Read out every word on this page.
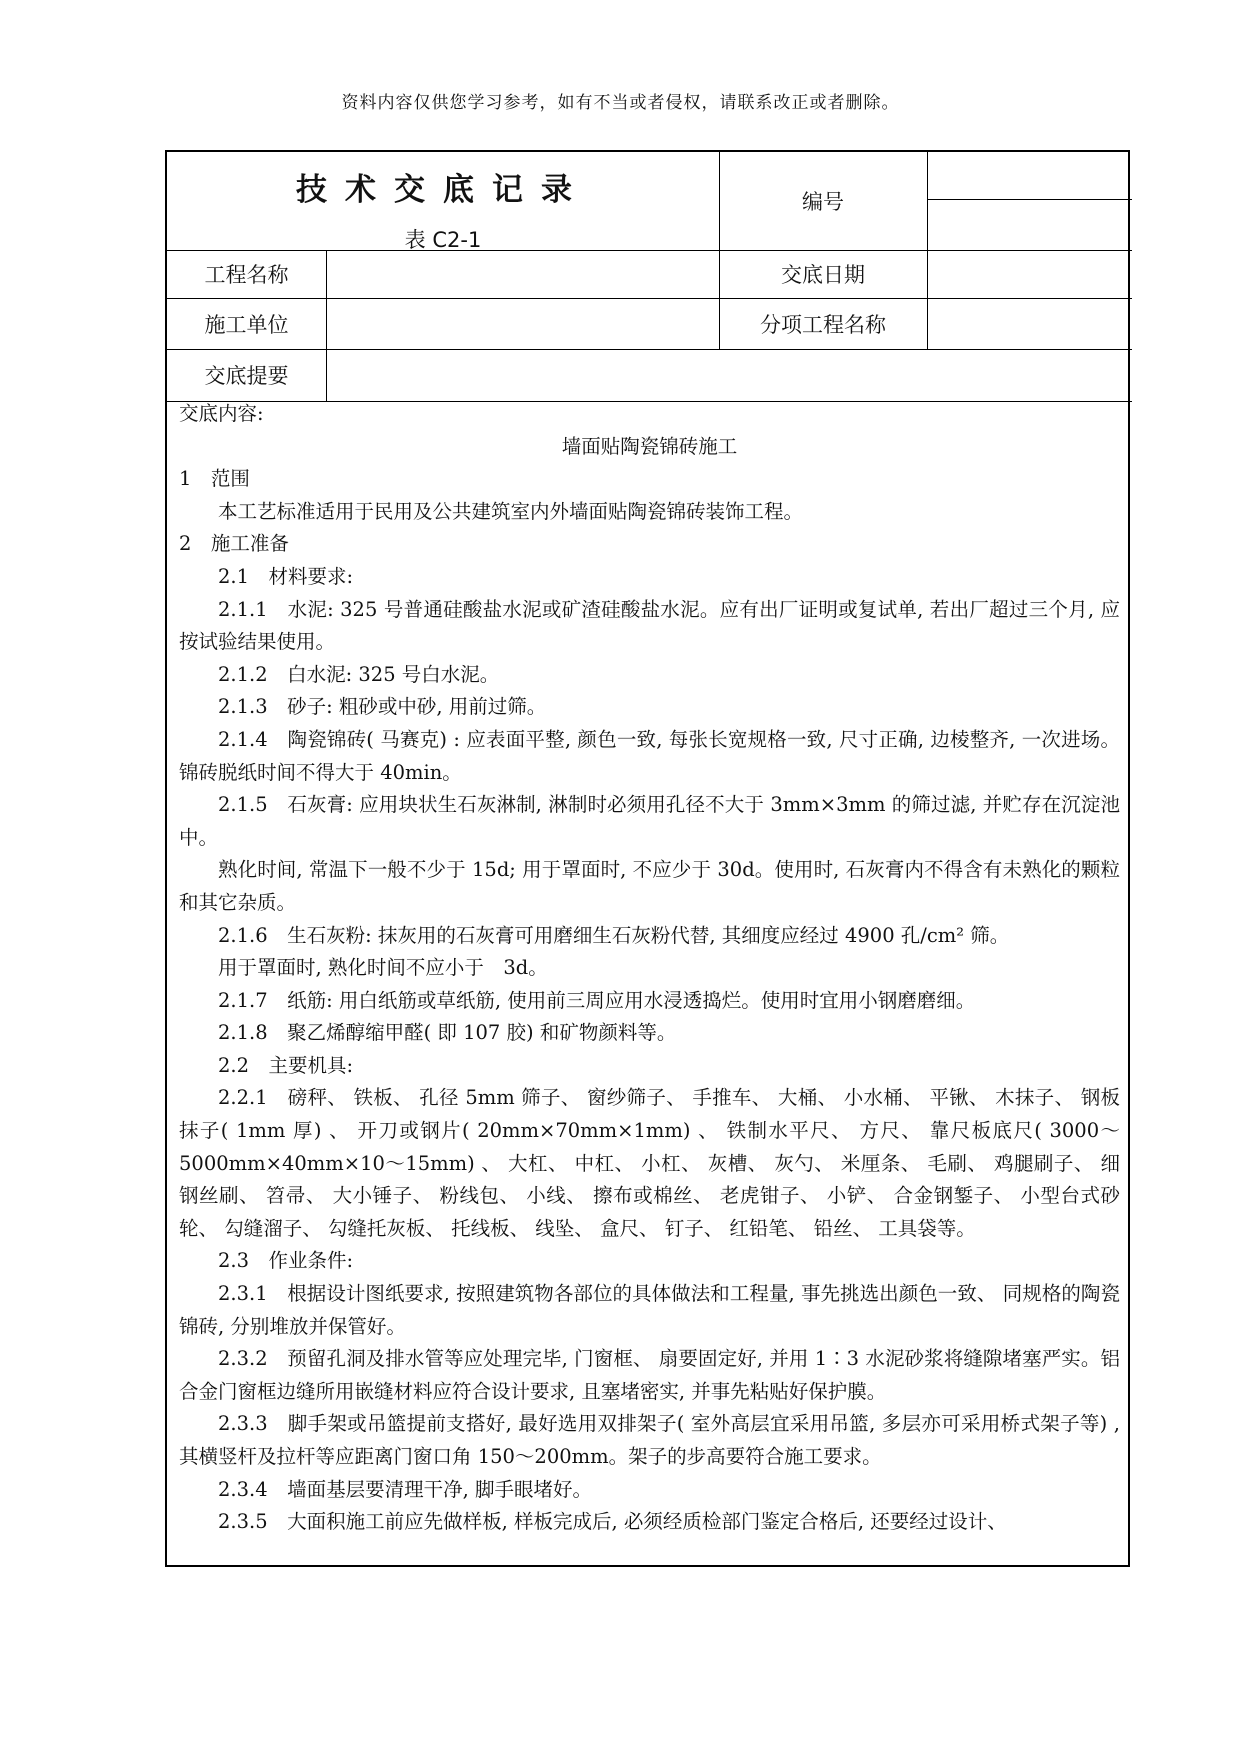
资料内容仅供您学习参考，如有不当或者侵权，请联系改正或者删除。
技术交底记录
表 C2-1
编号
工程名称	交底日期
施工单位	分项工程名称
交底提要

交底内容:

墙面贴陶瓷锦砖施工

1　范围

本工艺标准适用于民用及公共建筑室内外墙面贴陶瓷锦砖装饰工程。

2　施工准备

2.1　材料要求:

2.1.1　水泥: 325 号普通硅酸盐水泥或矿渣硅酸盐水泥。应有出厂证明或复试单, 若出厂超过三个月, 应按试验结果使用。

2.1.2　白水泥: 325 号白水泥。

2.1.3　砂子: 粗砂或中砂, 用前过筛。

2.1.4　陶瓷锦砖( 马赛克) : 应表面平整, 颜色一致, 每张长宽规格一致, 尺寸正确, 边棱整齐, 一次进场。锦砖脱纸时间不得大于 40min。

2.1.5　石灰膏: 应用块状生石灰淋制, 淋制时必须用孔径不大于 3mm×3mm 的筛过滤, 并贮存在沉淀池中。

熟化时间, 常温下一般不少于 15d; 用于罩面时, 不应少于 30d。使用时, 石灰膏内不得含有未熟化的颗粒和其它杂质。

2.1.6　生石灰粉: 抹灰用的石灰膏可用磨细生石灰粉代替, 其细度应经过 4900 孔/cm² 筛。

用于罩面时, 熟化时间不应小于　3d。

2.1.7　纸筋: 用白纸筋或草纸筋, 使用前三周应用水浸透捣烂。使用时宜用小钢磨磨细。

2.1.8　聚乙烯醇缩甲醛( 即 107 胶) 和矿物颜料等。

2.2　主要机具:

2.2.1　磅秤、 铁板、 孔径 5mm 筛子、 窗纱筛子、 手推车、 大桶、 小水桶、 平锹、 木抹子、 钢板抹子( 1mm 厚) 、 开刀或钢片( 20mm×70mm×1mm) 、 铁制水平尺、 方尺、 靠尺板底尺( 3000～5000mm×40mm×10～15mm) 、 大杠、 中杠、 小杠、 灰槽、 灰勺、 米厘条、 毛刷、 鸡腿刷子、 细钢丝刷、 笤帚、 大小锤子、 粉线包、 小线、 擦布或棉丝、 老虎钳子、 小铲、 合金钢錾子、 小型台式砂轮、 勾缝溜子、 勾缝托灰板、 托线板、 线坠、 盒尺、 钉子、 红铅笔、 铅丝、 工具袋等。

2.3　作业条件:

2.3.1　根据设计图纸要求, 按照建筑物各部位的具体做法和工程量, 事先挑选出颜色一致、 同规格的陶瓷锦砖, 分别堆放并保管好。

2.3.2　预留孔洞及排水管等应处理完毕, 门窗框、 扇要固定好, 并用 1∶3 水泥砂浆将缝隙堵塞严实。铝合金门窗框边缝所用嵌缝材料应符合设计要求, 且塞堵密实, 并事先粘贴好保护膜。

2.3.3　脚手架或吊篮提前支搭好, 最好选用双排架子( 室外高层宜采用吊篮, 多层亦可采用桥式架子等) , 其横竖杆及拉杆等应距离门窗口角 150～200mm。架子的步高要符合施工要求。

2.3.4　墙面基层要清理干净, 脚手眼堵好。

2.3.5　大面积施工前应先做样板, 样板完成后, 必须经质检部门鉴定合格后, 还要经过设计、
